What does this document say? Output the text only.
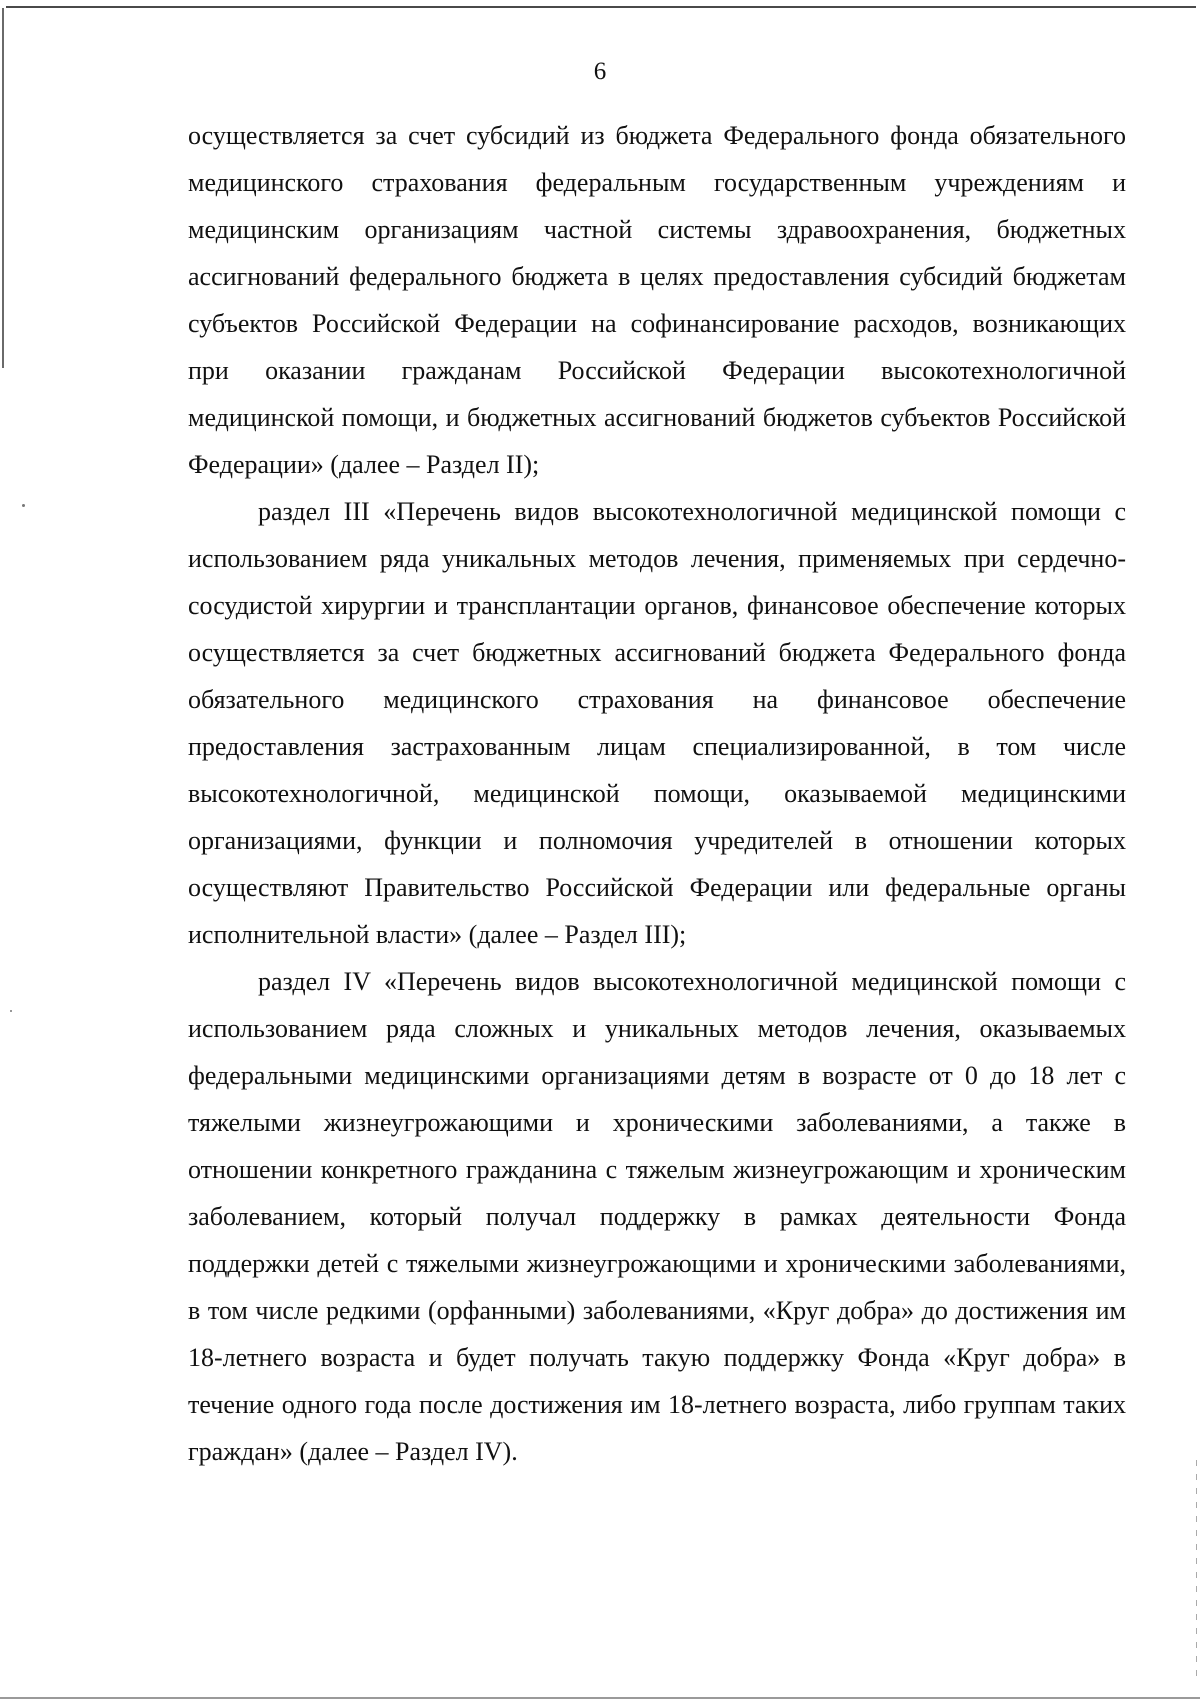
6

осуществляется за счет субсидий из бюджета Федерального фонда обязательного медицинского страхования федеральным государственным учреждениям и медицинским организациям частной системы здравоохранения, бюджетных ассигнований федерального бюджета в целях предоставления субсидий бюджетам субъектов Российской Федерации на софинансирование расходов, возникающих при оказании гражданам Российской Федерации высокотехнологичной медицинской помощи, и бюджетных ассигнований бюджетов субъектов Российской Федерации» (далее – Раздел II);

раздел III «Перечень видов высокотехнологичной медицинской помощи с использованием ряда уникальных методов лечения, применяемых при сердечно-сосудистой хирургии и трансплантации органов, финансовое обеспечение которых осуществляется за счет бюджетных ассигнований бюджета Федерального фонда обязательного медицинского страхования на финансовое обеспечение предоставления застрахованным лицам специализированной, в том числе высокотехнологичной, медицинской помощи, оказываемой медицинскими организациями, функции и полномочия учредителей в отношении которых осуществляют Правительство Российской Федерации или федеральные органы исполнительной власти» (далее – Раздел III);

раздел IV «Перечень видов высокотехнологичной медицинской помощи с использованием ряда сложных и уникальных методов лечения, оказываемых федеральными медицинскими организациями детям в возрасте от 0 до 18 лет с тяжелыми жизнеугрожающими и хроническими заболеваниями, а также в отношении конкретного гражданина с тяжелым жизнеугрожающим и хроническим заболеванием, который получал поддержку в рамках деятельности Фонда поддержки детей с тяжелыми жизнеугрожающими и хроническими заболеваниями, в том числе редкими (орфанными) заболеваниями, «Круг добра» до достижения им 18-летнего возраста и будет получать такую поддержку Фонда «Круг добра» в течение одного года после достижения им 18-летнего возраста, либо группам таких граждан» (далее – Раздел IV).
